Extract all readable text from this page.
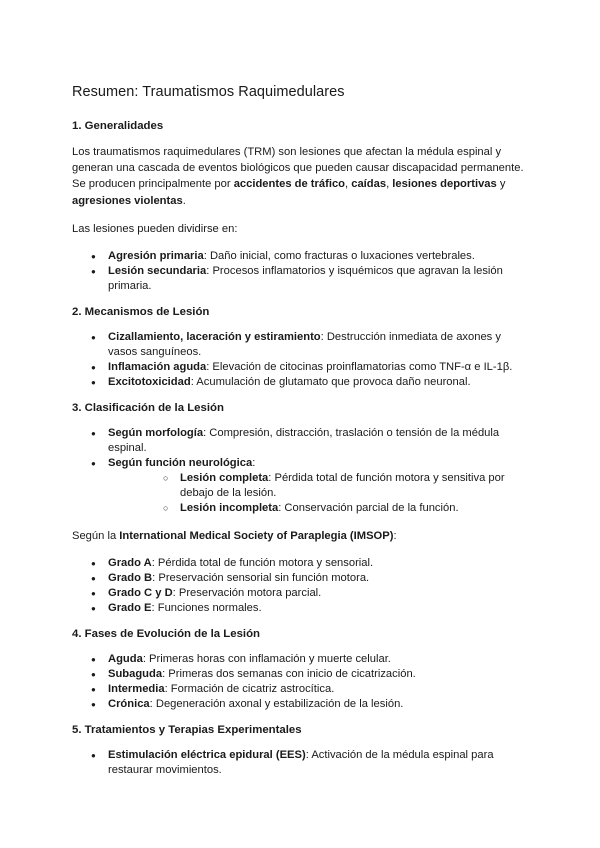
Resumen: Traumatismos Raquimedulares
1. Generalidades

Los traumatismos raquimedulares (TRM) son lesiones que afectan la médula espinal y generan una cascada de eventos biológicos que pueden causar discapacidad permanente. Se producen principalmente por accidentes de tráfico, caídas, lesiones deportivas y agresiones violentas.

Las lesiones pueden dividirse en:

● Agresión primaria: Daño inicial, como fracturas o luxaciones vertebrales.
● Lesión secundaria: Procesos inflamatorios y isquémicos que agravan la lesión primaria.
2. Mecanismos de Lesión
● Cizallamiento, laceración y estiramiento: Destrucción inmediata de axones y vasos sanguíneos.
● Inflamación aguda: Elevación de citocinas proinflamatorias como TNF-α e IL-1β.
● Excitotoxicidad: Acumulación de glutamato que provoca daño neuronal.
3. Clasificación de la Lesión
● Según morfología: Compresión, distracción, traslación o tensión de la médula espinal.
● Según función neurológica:
○ Lesión completa: Pérdida total de función motora y sensitiva por debajo de la lesión.
○ Lesión incompleta: Conservación parcial de la función.

Según la International Medical Society of Paraplegia (IMSOP):

● Grado A: Pérdida total de función motora y sensorial.
● Grado B: Preservación sensorial sin función motora.
● Grado C y D: Preservación motora parcial.
● Grado E: Funciones normales.
4. Fases de Evolución de la Lesión
● Aguda: Primeras horas con inflamación y muerte celular.
● Subaguda: Primeras dos semanas con inicio de cicatrización.
● Intermedia: Formación de cicatriz astrocítica.
● Crónica: Degeneración axonal y estabilización de la lesión.
5. Tratamientos y Terapias Experimentales
● Estimulación eléctrica epidural (EES): Activación de la médula espinal para restaurar movimientos.
